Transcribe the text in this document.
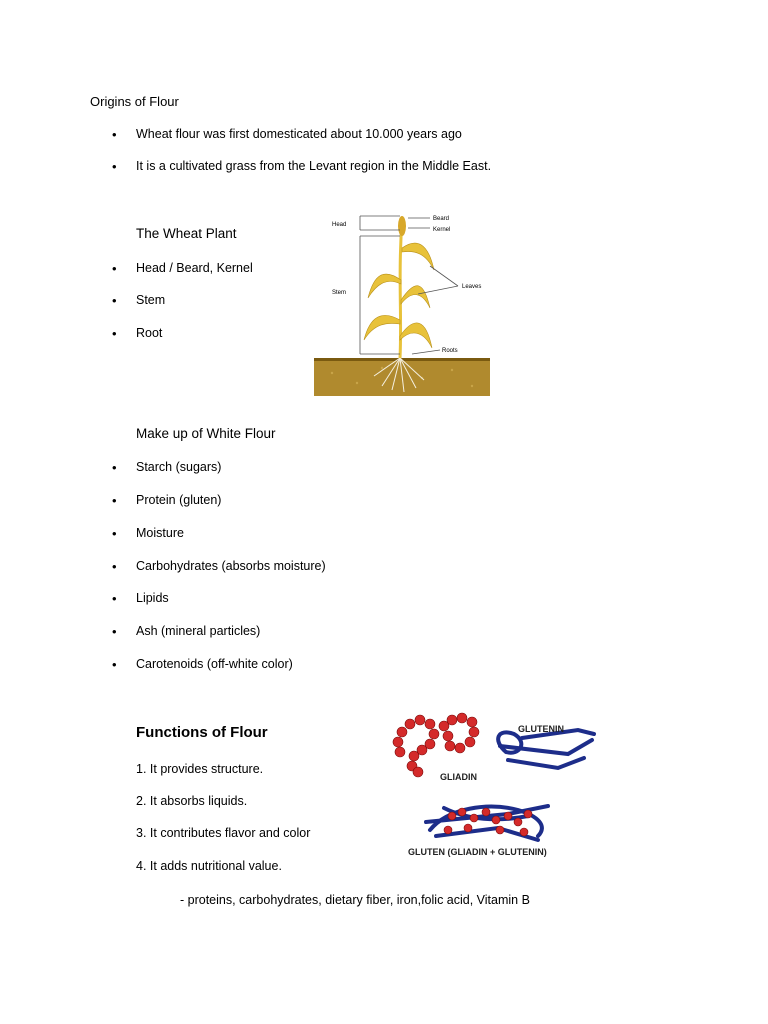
Origins of Flour
• Wheat flour was first domesticated about 10.000 years ago
• It is a cultivated grass from the Levant region in the Middle East.
The Wheat Plant
• Head / Beard, Kernel
• Stem
• Root
Head
Beard
Kernel
Stem
Leaves
Roots
Make up of White Flour
• Starch (sugars)
• Protein (gluten)
• Moisture
• Carbohydrates (absorbs moisture)
• Lipids
• Ash (mineral particles)
• Carotenoids (off-white color)
Functions of Flour
1. It provides structure.
2. It absorbs liquids.
3. It contributes flavor and color
4. It adds nutritional value.
- proteins, carbohydrates, dietary fiber, iron,folic acid, Vitamin B
GLUTENIN
GLIADIN
GLUTEN (GLIADIN + GLUTENIN)
